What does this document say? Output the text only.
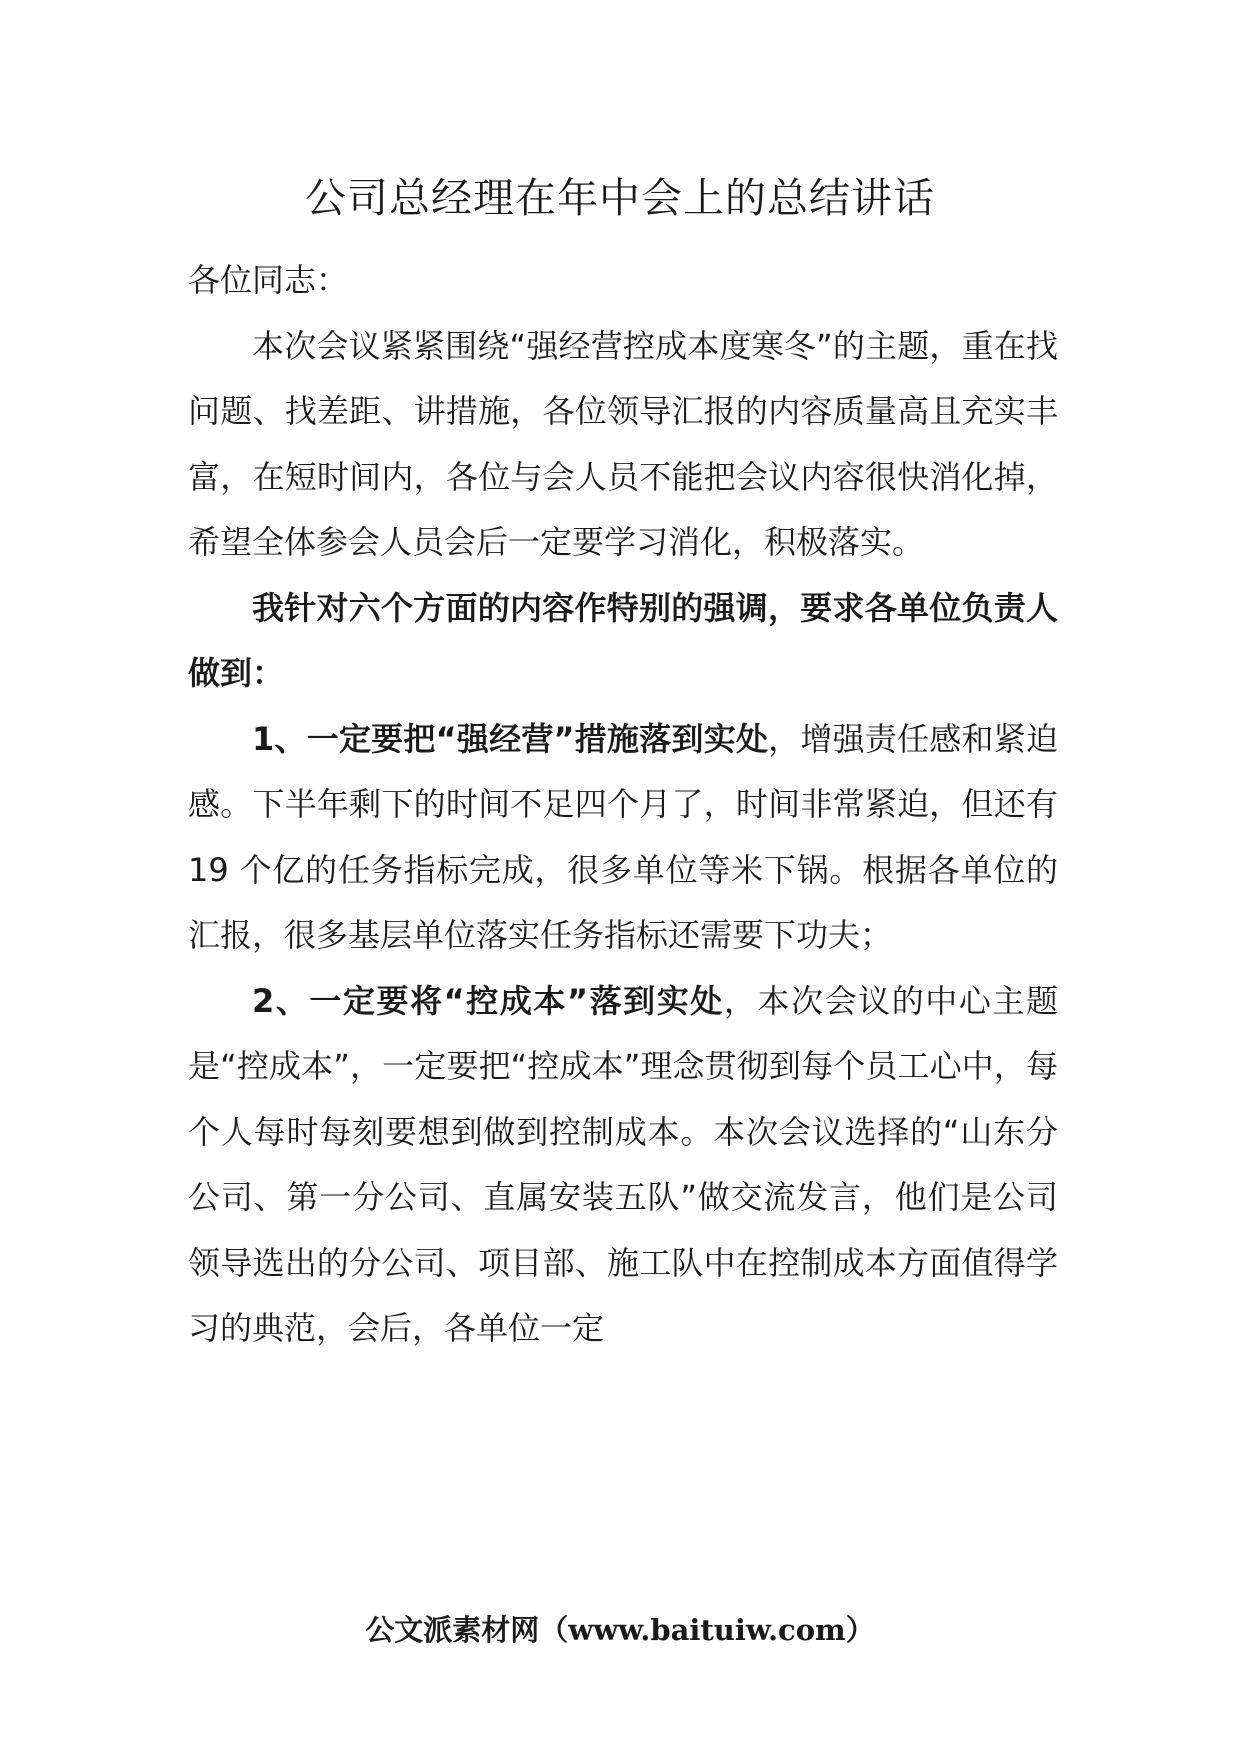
公司总经理在年中会上的总结讲话

各位同志：

本次会议紧紧围绕“强经营控成本度寒冬”的主题，重在找问题、找差距、讲措施，各位领导汇报的内容质量高且充实丰富，在短时间内，各位与会人员不能把会议内容很快消化掉，希望全体参会人员会后一定要学习消化，积极落实。

我针对六个方面的内容作特别的强调，要求各单位负责人做到：

1、一定要把“强经营”措施落到实处，增强责任感和紧迫感。下半年剩下的时间不足四个月了，时间非常紧迫，但还有 19 个亿的任务指标完成，很多单位等米下锅。根据各单位的汇报，很多基层单位落实任务指标还需要下功夫；

2、一定要将“控成本”落到实处，本次会议的中心主题是“控成本”，一定要把“控成本”理念贯彻到每个员工心中，每个人每时每刻要想到做到控制成本。本次会议选择的“山东分公司、第一分公司、直属安装五队”做交流发言，他们是公司领导选出的分公司、项目部、施工队中在控制成本方面值得学习的典范，会后，各单位一定

公文派素材网（www.baituiw.com）
